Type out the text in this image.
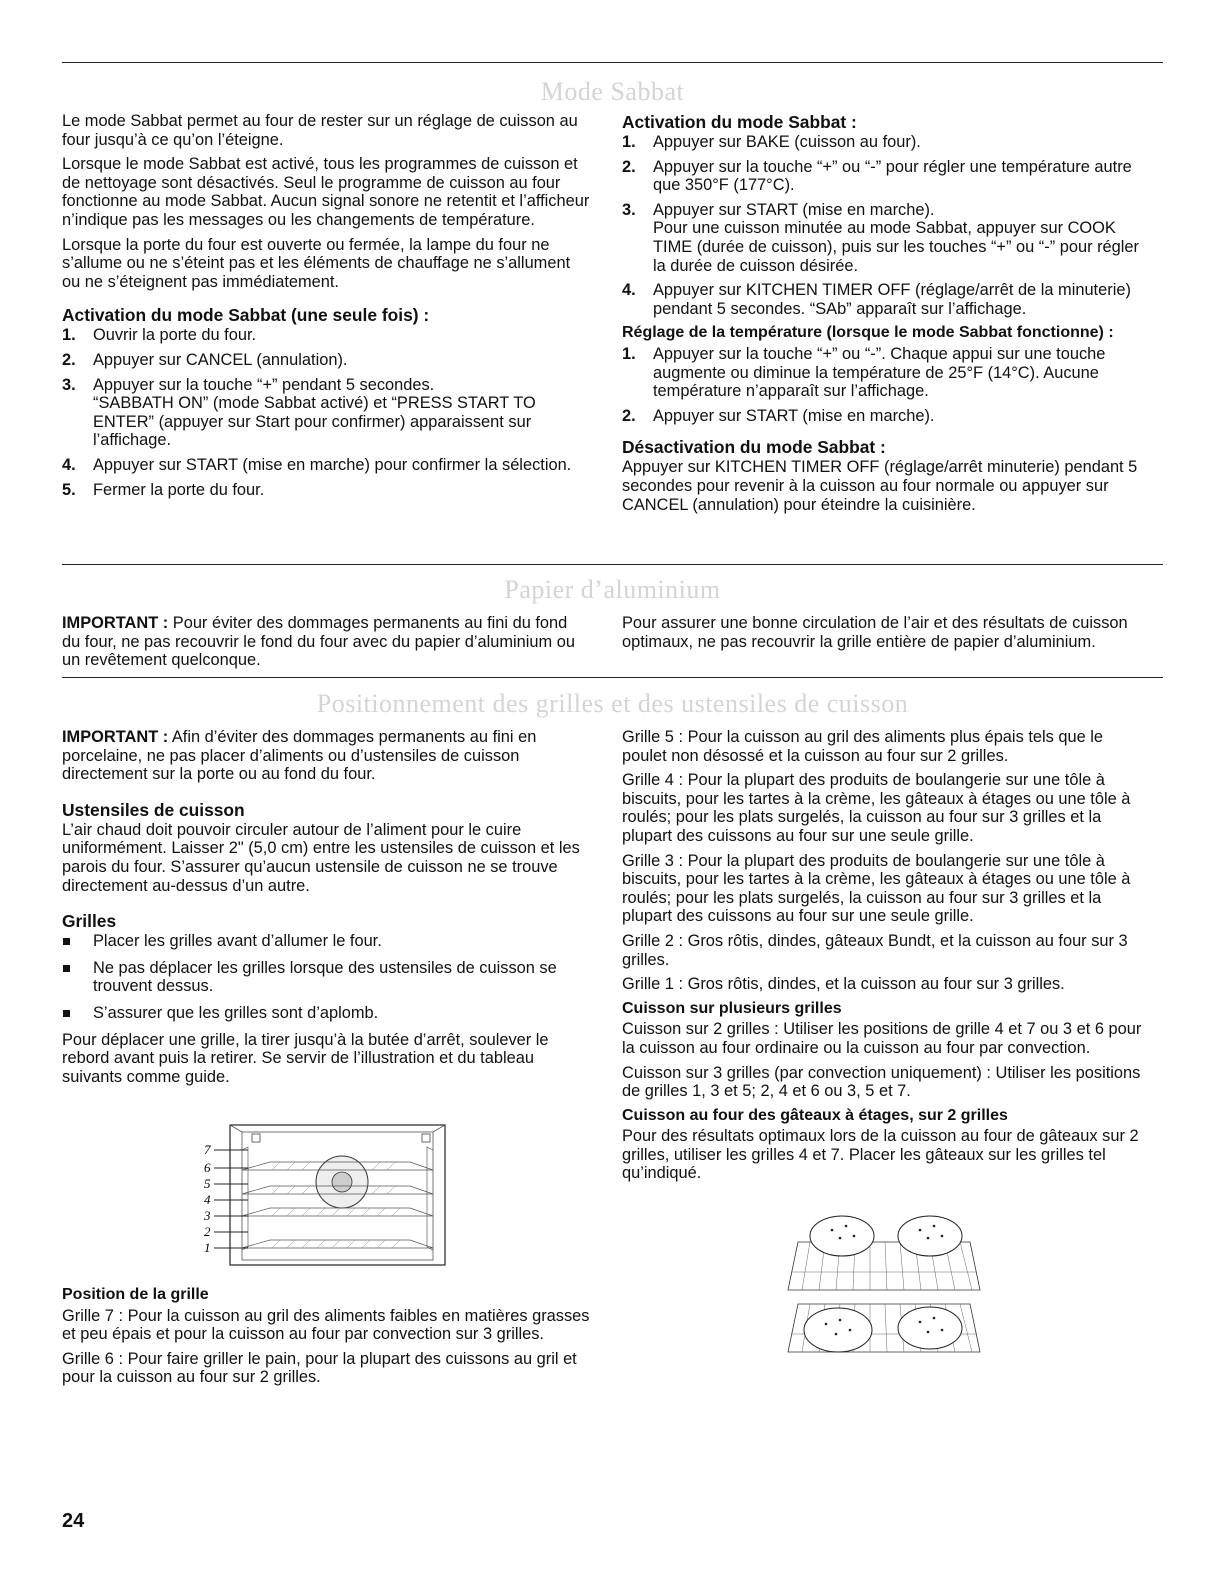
Mode Sabbat

Le mode Sabbat permet au four de rester sur un réglage de cuisson au four jusqu’à ce qu’on l’éteigne.

Lorsque le mode Sabbat est activé, tous les programmes de cuisson et de nettoyage sont désactivés. Seul le programme de cuisson au four fonctionne au mode Sabbat. Aucun signal sonore ne retentit et l’afficheur n’indique pas les messages ou les changements de température.

Lorsque la porte du four est ouverte ou fermée, la lampe du four ne s’allume ou ne s’éteint pas et les éléments de chauffage ne s’allument ou ne s’éteignent pas immédiatement.

Activation du mode Sabbat (une seule fois) :
1. Ouvrir la porte du four.
2. Appuyer sur CANCEL (annulation).
3. Appuyer sur la touche “+” pendant 5 secondes.

“SABBATH ON” (mode Sabbat activé) et “PRESS START TO ENTER” (appuyer sur Start pour confirmer) apparaissent sur l’affichage.

4. Appuyer sur START (mise en marche) pour confirmer la sélection.
5. Fermer la porte du four.
Activation du mode Sabbat :
1. Appuyer sur BAKE (cuisson au four).
2. Appuyer sur la touche “+” ou “-” pour régler une température autre que 350°F (177°C).
3. Appuyer sur START (mise en marche).

Pour une cuisson minutée au mode Sabbat, appuyer sur COOK TIME (durée de cuisson), puis sur les touches “+” ou “-” pour régler la durée de cuisson désirée.

4. Appuyer sur KITCHEN TIMER OFF (réglage/arrêt de la minuterie) pendant 5 secondes. “SAb” apparaît sur l’affichage.
Réglage de la température (lorsque le mode Sabbat fonctionne) :
1. Appuyer sur la touche “+” ou “-”. Chaque appui sur une touche augmente ou diminue la température de 25°F (14°C). Aucune température n’apparaît sur l’affichage.
2. Appuyer sur START (mise en marche).
Désactivation du mode Sabbat :

Appuyer sur KITCHEN TIMER OFF (réglage/arrêt minuterie) pendant 5 secondes pour revenir à la cuisson au four normale ou appuyer sur CANCEL (annulation) pour éteindre la cuisinière.

Papier d’aluminium

IMPORTANT : Pour éviter des dommages permanents au fini du fond du four, ne pas recouvrir le fond du four avec du papier d’aluminium ou un revêtement quelconque.

Pour assurer une bonne circulation de l’air et des résultats de cuisson optimaux, ne pas recouvrir la grille entière de papier d’aluminium.

Positionnement des grilles et des ustensiles de cuisson

IMPORTANT : Afin d’éviter des dommages permanents au fini en porcelaine, ne pas placer d’aliments ou d’ustensiles de cuisson directement sur la porte ou au fond du four.

Ustensiles de cuisson

L’air chaud doit pouvoir circuler autour de l’aliment pour le cuire uniformément. Laisser 2" (5,0 cm) entre les ustensiles de cuisson et les parois du four. S’assurer qu’aucun ustensile de cuisson ne se trouve directement au-dessus d’un autre.

Grilles
Placer les grilles avant d’allumer le four.
Ne pas déplacer les grilles lorsque des ustensiles de cuisson se trouvent dessus.
S’assurer que les grilles sont d’aplomb.

Pour déplacer une grille, la tirer jusqu’à la butée d’arrêt, soulever le rebord avant puis la retirer. Se servir de l’illustration et du tableau suivants comme guide.

7
6
5
4
3
2
1
Position de la grille

Grille 7 : Pour la cuisson au gril des aliments faibles en matières grasses et peu épais et pour la cuisson au four par convection sur 3 grilles.

Grille 6 : Pour faire griller le pain, pour la plupart des cuissons au gril et pour la cuisson au four sur 2 grilles.

Grille 5 : Pour la cuisson au gril des aliments plus épais tels que le poulet non désossé et la cuisson au four sur 2 grilles.

Grille 4 : Pour la plupart des produits de boulangerie sur une tôle à biscuits, pour les tartes à la crème, les gâteaux à étages ou une tôle à roulés; pour les plats surgelés, la cuisson au four sur 3 grilles et la plupart des cuissons au four sur une seule grille.

Grille 3 : Pour la plupart des produits de boulangerie sur une tôle à biscuits, pour les tartes à la crème, les gâteaux à étages ou une tôle à roulés; pour les plats surgelés, la cuisson au four sur 3 grilles et la plupart des cuissons au four sur une seule grille.

Grille 2 : Gros rôtis, dindes, gâteaux Bundt, et la cuisson au four sur 3 grilles.

Grille 1 : Gros rôtis, dindes, et la cuisson au four sur 3 grilles.

Cuisson sur plusieurs grilles

Cuisson sur 2 grilles : Utiliser les positions de grille 4 et 7 ou 3 et 6 pour la cuisson au four ordinaire ou la cuisson au four par convection.

Cuisson sur 3 grilles (par convection uniquement) : Utiliser les positions de grilles 1, 3 et 5; 2, 4 et 6 ou 3, 5 et 7.

Cuisson au four des gâteaux à étages, sur 2 grilles

Pour des résultats optimaux lors de la cuisson au four de gâteaux sur 2 grilles, utiliser les grilles 4 et 7. Placer les gâteaux sur les grilles tel qu’indiqué.

24
